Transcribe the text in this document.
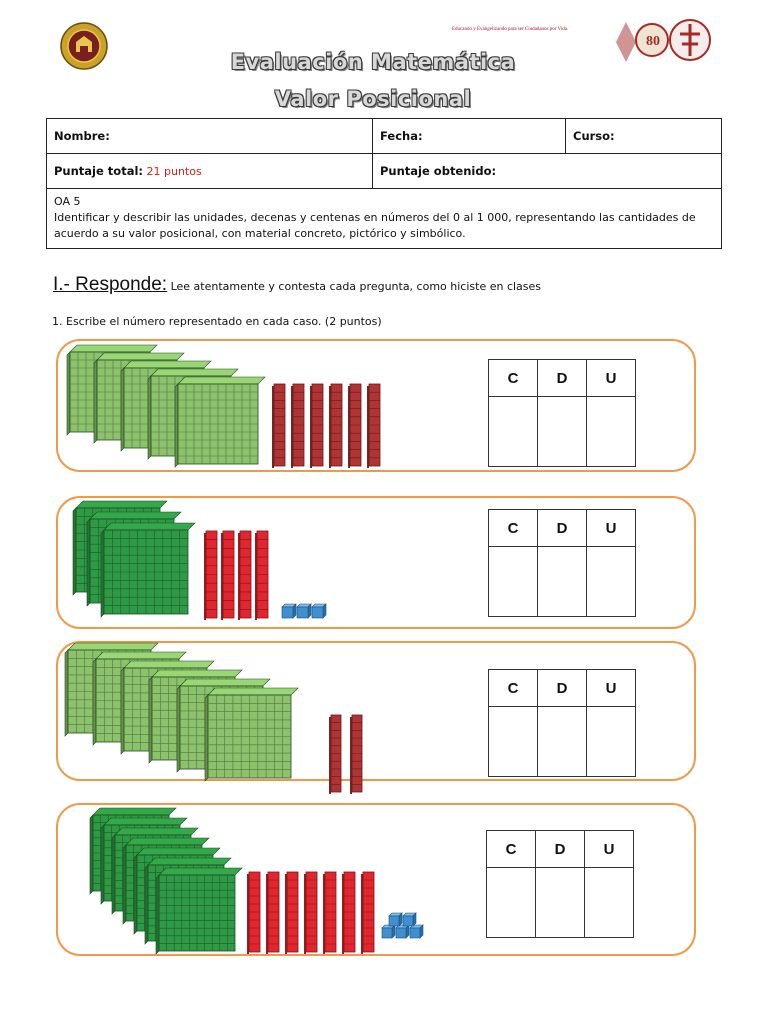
Educando y Evangelizando para ser Ciudadanos por Vida.
80
Evaluación Matemática
Valor Posicional
Nombre:	Fecha:	Curso:
Puntaje total: 21 puntos	Puntaje obtenido:	

OA 5
Identificar y describir las unidades, decenas y centenas en números del 0 al 1 000, representando las cantidades de acuerdo a su valor posicional, con material concreto, pictórico y simbólico.		
I.- Responde: Lee atentamente y contesta cada pregunta, como hiciste en clases
1. Escribe el número representado en cada caso. (2 puntos)
C	D	U

C	D	U

C	D	U

C	D	U
